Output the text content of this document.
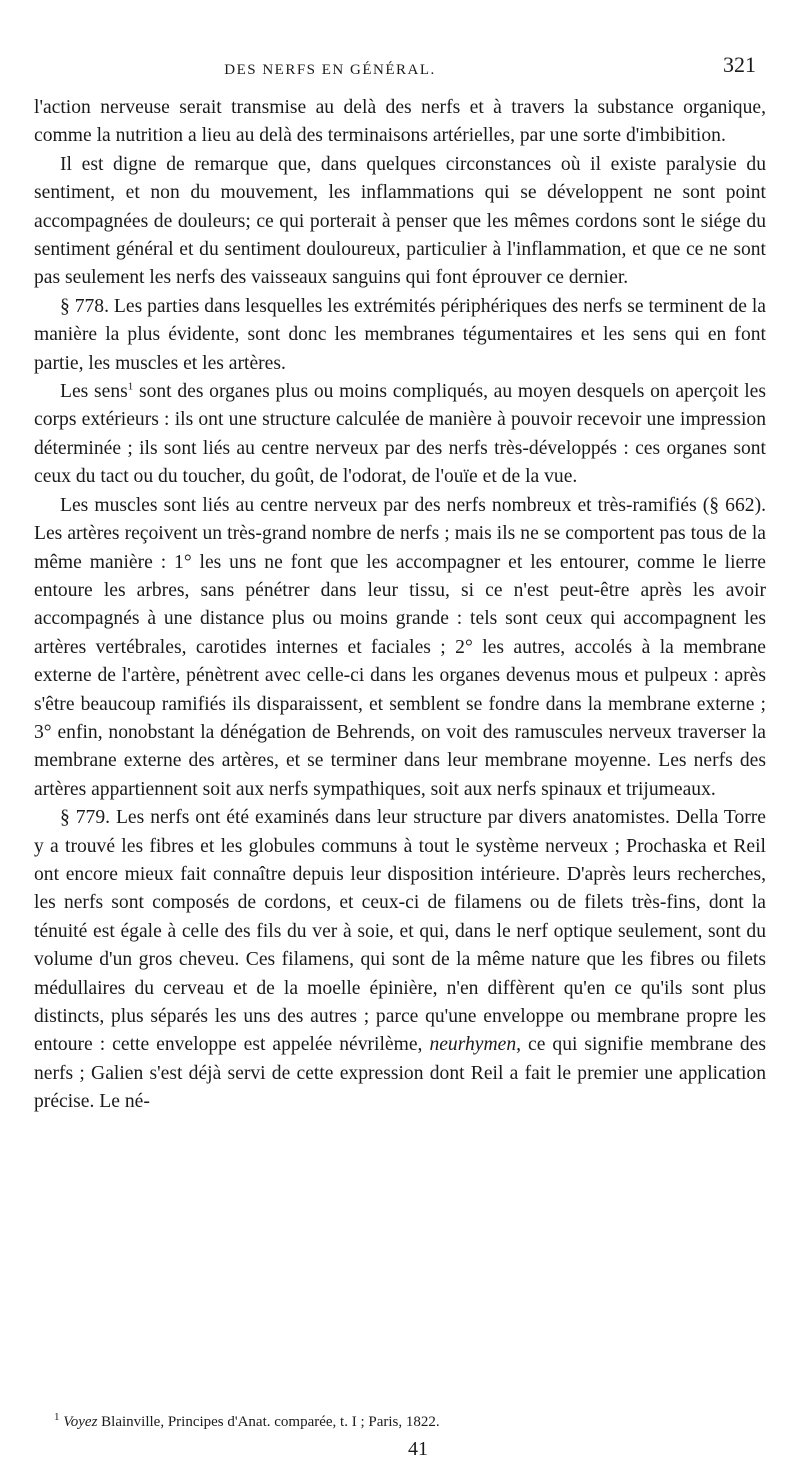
DES NERFS EN GÉNÉRAL.	321

l'action nerveuse serait transmise au delà des nerfs et à travers la substance organique, comme la nutrition a lieu au delà des terminaisons artérielles, par une sorte d'imbibition.

Il est digne de remarque que, dans quelques circonstances où il existe paralysie du sentiment, et non du mouvement, les inflammations qui se développent ne sont point accompagnées de douleurs; ce qui porterait à penser que les mêmes cordons sont le siége du sentiment général et du sentiment douloureux, particulier à l'inflammation, et que ce ne sont pas seulement les nerfs des vaisseaux sanguins qui font éprouver ce dernier.

§ 778. Les parties dans lesquelles les extrémités périphériques des nerfs se terminent de la manière la plus évidente, sont donc les membranes tégumentaires et les sens qui en font partie, les muscles et les artères.

Les sens$^1$ sont des organes plus ou moins compliqués, au moyen desquels on aperçoit les corps extérieurs : ils ont une structure calculée de manière à pouvoir recevoir une impression déterminée ; ils sont liés au centre nerveux par des nerfs très-développés : ces organes sont ceux du tact ou du toucher, du goût, de l'odorat, de l'ouïe et de la vue.

Les muscles sont liés au centre nerveux par des nerfs nombreux et très-ramifiés (§ 662). Les artères reçoivent un très-grand nombre de nerfs ; mais ils ne se comportent pas tous de la même manière : 1° les uns ne font que les accompagner et les entourer, comme le lierre entoure les arbres, sans pénétrer dans leur tissu, si ce n'est peut-être après les avoir accompagnés à une distance plus ou moins grande : tels sont ceux qui accompagnent les artères vertébrales, carotides internes et faciales ; 2° les autres, accolés à la membrane externe de l'artère, pénètrent avec celle-ci dans les organes devenus mous et pulpeux : après s'être beaucoup ramifiés ils disparaissent, et semblent se fondre dans la membrane externe ; 3° enfin, nonobstant la dénégation de Behrends, on voit des ramuscules nerveux traverser la membrane externe des artères, et se terminer dans leur membrane moyenne. Les nerfs des artères appartiennent soit aux nerfs sympathiques, soit aux nerfs spinaux et trijumeaux.

§ 779. Les nerfs ont été examinés dans leur structure par divers anatomistes. Della Torre y a trouvé les fibres et les globules communs à tout le système nerveux ; Prochaska et Reil ont encore mieux fait connaître depuis leur disposition intérieure. D'après leurs recherches, les nerfs sont composés de cordons, et ceux-ci de filamens ou de filets très-fins, dont la ténuité est égale à celle des fils du ver à soie, et qui, dans le nerf optique seulement, sont du volume d'un gros cheveu. Ces filamens, qui sont de la même nature que les fibres ou filets médullaires du cerveau et de la moelle épinière, n'en diffèrent qu'en ce qu'ils sont plus distincts, plus séparés les uns des autres ; parce qu'une enveloppe ou membrane propre les entoure : cette enveloppe est appelée névrilème, neurhymen, ce qui signifie membrane des nerfs ; Galien s'est déjà servi de cette expression dont Reil a fait le premier une application précise. Le né-

$^1$ Voyez Blainville, Principes d'Anat. comparée, t. I ; Paris, 1822.
41
